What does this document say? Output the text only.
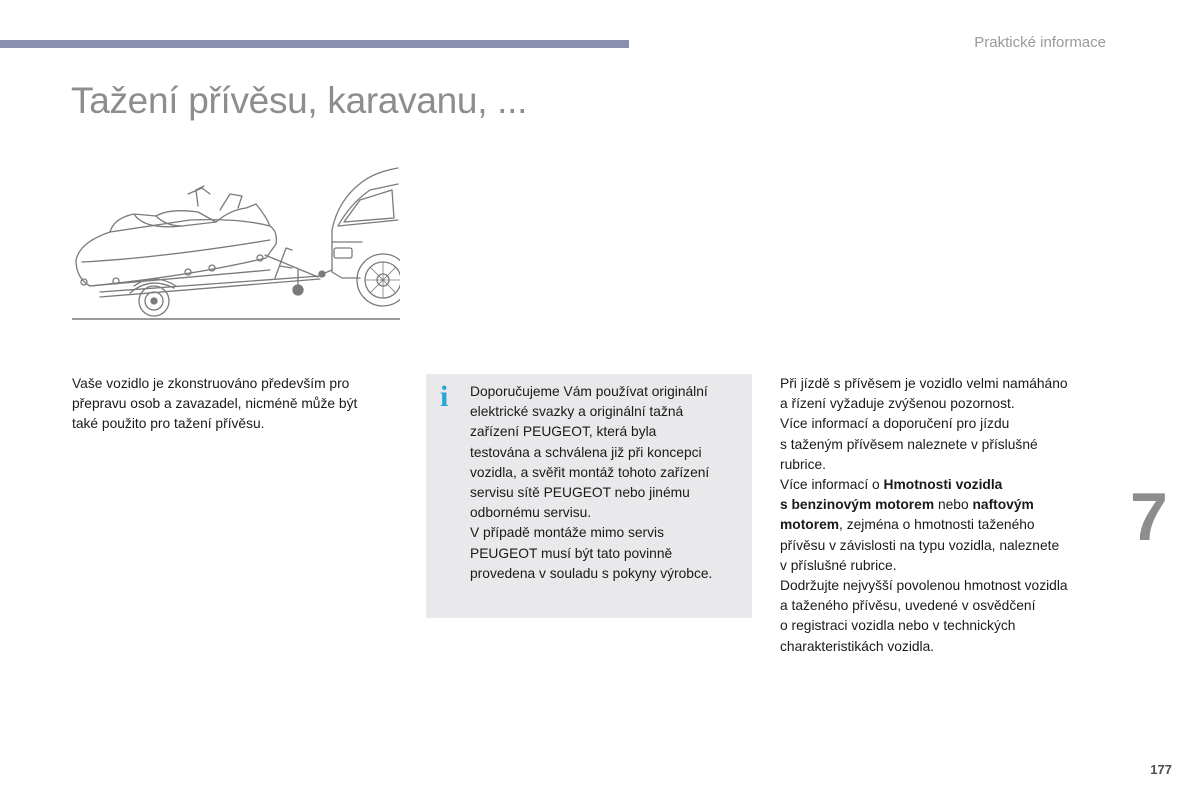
Praktické informace
Tažení přívěsu, karavanu, ...

Vaše vozidlo je zkonstruováno především pro

přepravu osob a zavazadel, nicméně může být

také použito pro tažení přívěsu.

i Doporučujeme Vám používat originální

elektrické svazky a originální tažná

zařízení PEUGEOT, která byla

testována a schválena již při koncepci

vozidla, a svěřit montáž tohoto zařízení

servisu sítě PEUGEOT nebo jinému

odbornému servisu.

V případě montáže mimo servis

PEUGEOT musí být tato povinně

provedena v souladu s pokyny výrobce.

Při jízdě s přívěsem je vozidlo velmi namáháno

a řízení vyžaduje zvýšenou pozornost.

Více informací a doporučení pro jízdu

s taženým přívěsem naleznete v příslušné

rubrice.

Více informací o Hmotnosti vozidla

s benzinovým motorem nebo naftovým

motorem, zejména o hmotnosti taženého

přívěsu v závislosti na typu vozidla, naleznete

v příslušné rubrice.

Dodržujte nejvyšší povolenou hmotnost vozidla

a taženého přívěsu, uvedené v osvědčení

o registraci vozidla nebo v technických

charakteristikách vozidla.

7
177
